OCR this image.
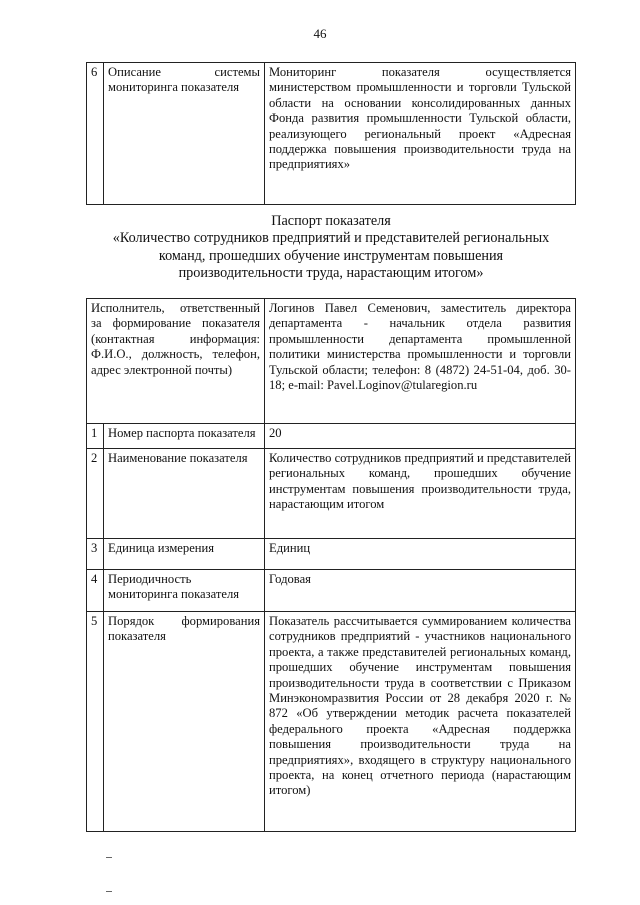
46
6	Описание системы мониторинга показателя	Мониторинг показателя осуществляется министерством промышленности и торговли Тульской области на основании консолидированных данных Фонда развития промышленности Тульской области, реализующего региональный проект «Адресная поддержка повышения производительности труда на предприятиях»
Паспорт показателя
«Количество сотрудников предприятий и представителей региональных
команд, прошедших обучение инструментам повышения
производительности труда, нарастающим итогом»
Исполнитель, ответственный за формирование показателя (контактная информация: Ф.И.О., должность, телефон, адрес электронной почты)		Логинов Павел Семенович, заместитель директора департамента - начальник отдела развития промышленности департамента промышленной политики министерства промышленности и торговли Тульской области; телефон: 8 (4872) 24-51-04, доб. 30-18; e-mail: Pavel.Loginov@tularegion.ru
1	Номер паспорта показателя	20
2	Наименование показателя	Количество сотрудников предприятий и представителей региональных команд, прошедших обучение инструментам повышения производительности труда, нарастающим итогом
3	Единица измерения	Единиц
4	Периодичность мониторинга показателя	Годовая
5	Порядок формирования показателя	Показатель рассчитывается суммированием количества сотрудников предприятий - участников национального проекта, а также представителей региональных команд, прошедших обучение инструментам повышения производительности труда в соответствии с Приказом Минэкономразвития России от 28 декабря 2020 г. № 872 «Об утверждении методик расчета показателей федерального проекта «Адресная поддержка повышения производительности труда на предприятиях», входящего в структуру национального проекта, на конец отчетного периода (нарастающим итогом)
